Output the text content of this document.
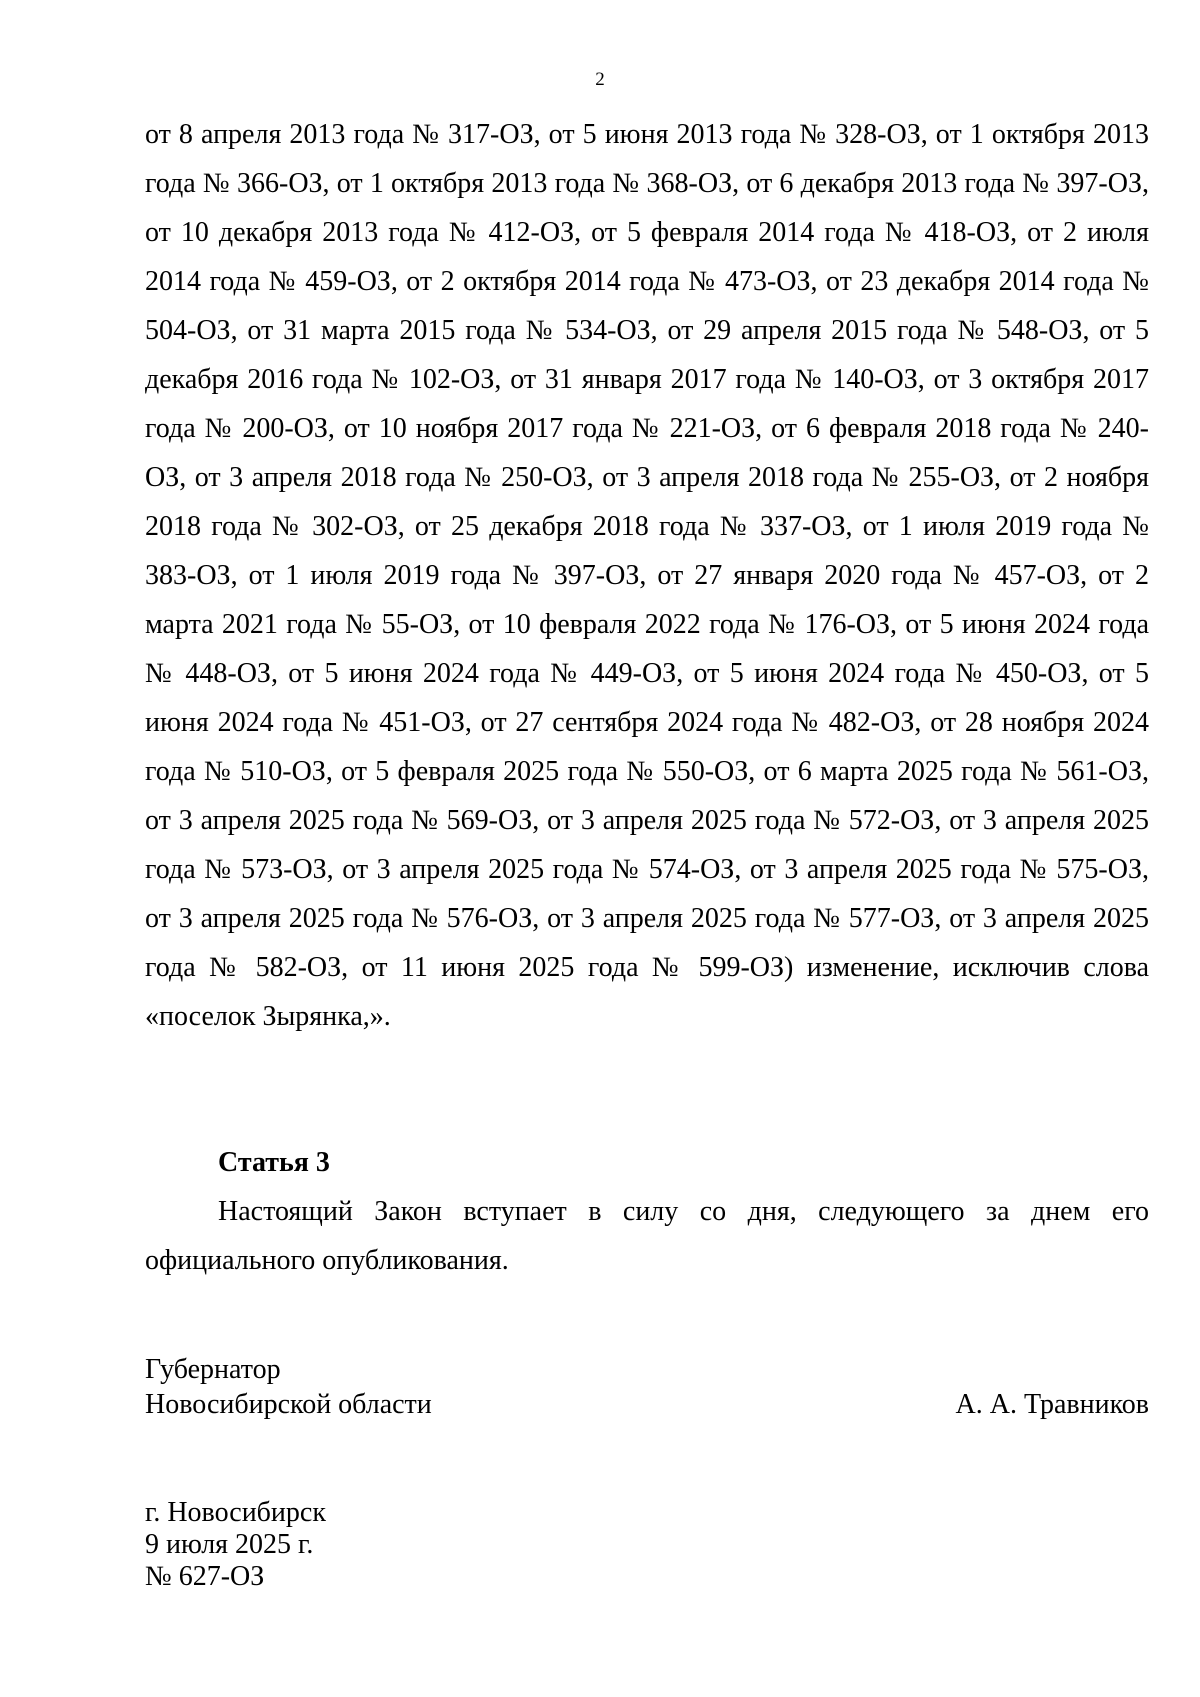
2

от 8 апреля 2013 года № 317-ОЗ, от 5 июня 2013 года № 328-ОЗ, от 1 октября 2013 года № 366-ОЗ, от 1 октября 2013 года № 368-ОЗ, от 6 декабря 2013 года № 397-ОЗ, от 10 декабря 2013 года № 412-ОЗ, от 5 февраля 2014 года № 418-ОЗ, от 2 июля 2014 года № 459-ОЗ, от 2 октября 2014 года № 473-ОЗ, от 23 декабря 2014 года № 504-ОЗ, от 31 марта 2015 года № 534-ОЗ, от 29 апреля 2015 года № 548-ОЗ, от 5 декабря 2016 года № 102-ОЗ, от 31 января 2017 года № 140-ОЗ, от 3 октября 2017 года № 200-ОЗ, от 10 ноября 2017 года № 221-ОЗ, от 6 февраля 2018 года № 240-ОЗ, от 3 апреля 2018 года № 250-ОЗ, от 3 апреля 2018 года № 255-ОЗ, от 2 ноября 2018 года № 302-ОЗ, от 25 декабря 2018 года № 337-ОЗ, от 1 июля 2019 года № 383-ОЗ, от 1 июля 2019 года № 397-ОЗ, от 27 января 2020 года № 457-ОЗ, от 2 марта 2021 года № 55-ОЗ, от 10 февраля 2022 года № 176-ОЗ, от 5 июня 2024 года № 448-ОЗ, от 5 июня 2024 года № 449-ОЗ, от 5 июня 2024 года № 450-ОЗ, от 5 июня 2024 года № 451-ОЗ, от 27 сентября 2024 года № 482-ОЗ, от 28 ноября 2024 года № 510-ОЗ, от 5 февраля 2025 года № 550-ОЗ, от 6 марта 2025 года № 561-ОЗ, от 3 апреля 2025 года № 569-ОЗ, от 3 апреля 2025 года № 572-ОЗ, от 3 апреля 2025 года № 573-ОЗ, от 3 апреля 2025 года № 574-ОЗ, от 3 апреля 2025 года № 575-ОЗ, от 3 апреля 2025 года № 576-ОЗ, от 3 апреля 2025 года № 577-ОЗ, от 3 апреля 2025 года № 582-ОЗ, от 11 июня 2025 года № 599-ОЗ) изменение, исключив слова «поселок Зырянка,».

Статья 3

Настоящий Закон вступает в силу со дня, следующего за днем его официального опубликования.

Губернатор
Новосибирской области	А. А. Травников
г. Новосибирск
9 июля 2025 г.
№ 627-ОЗ
